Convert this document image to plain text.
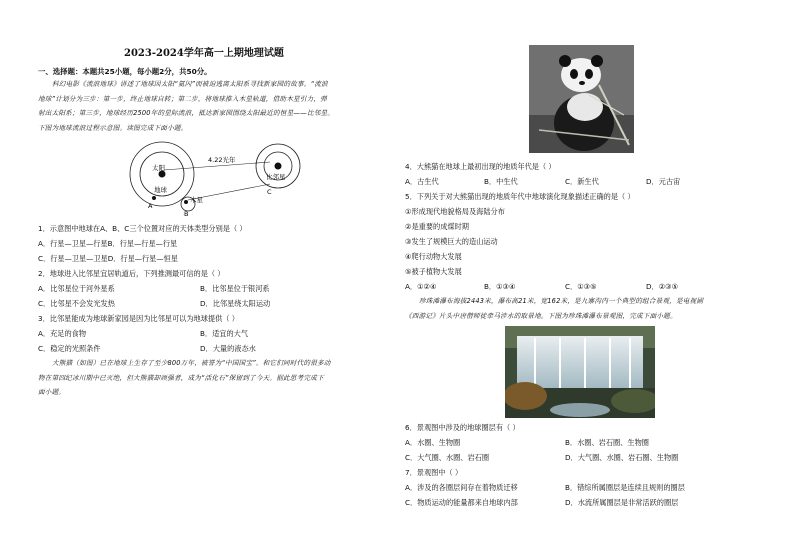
2023-2024学年高一上期地理试题
一、选择题：本题共25小题，每小题2分，共50分。
科幻电影《流浪地球》讲述了地球因太阳“氦闪”而被迫逃离太阳系寻找新家园的故事。“流浪
地球”计划分为三步：第一步，终止地球自转；第二步，将地球推入木星轨道，借助木星引力，弹
射出太阳系；第三步，地球经历2500年的星际流浪，抵达新家园围绕太阳最近的恒星——比邻星。
下图为地球流浪过程示意图。读图完成下面小题。
太阳
地球
木星
比邻星
4.22光年
A
B
C
1．示意图中地球在A、B、C三个位置对应的天体类型分别是（ ）
A．行星—卫星—行星B．行星—行星—行星
C．行星—卫星—卫星D．行星—行星—恒星
2．地球进入比邻星宜居轨道后，下列推测最可信的是（ ）
A．比邻星位于河外星系	B．比邻星位于银河系
C．比邻星不会发光发热	D．比邻星绕太阳运动
3．比邻星能成为地球新家园是因为比邻星可以为地球提供（ ）
A．充足的食物	B．适宜的大气
C．稳定的光照条件	D．大量的液态水
大熊猫（如图）已在地球上生存了至少800万年，被誉为“中国国宝”。和它们同时代的很多动
物在第四纪冰川期中已灭绝，但大熊猫却顽强者，成为“活化石”保留到了今天。据此思考完成下
面小题。
4．大熊猫在地球上最初出现的地质年代是（ ）
A．古生代	B．中生代	C．新生代	D．元古宙
5．下列关于对大熊猫出现的地质年代中地球演化现象描述正确的是（ ）
①形成现代地貌格局及海陆分布
②是重要的成煤时期
③发生了规模巨大的造山运动
④爬行动物大发展
⑤被子植物大发展
A．①②④	B．①③④	C．①③⑤	D．②③⑤
珍珠滩瀑布海拔2443米，瀑布高21米，宽162米，是九寨沟内一个典型的组合景观，是电视剧
《西游记》片头中唐僧师徒牵马涉水的取景地。下图为珍珠滩瀑布景观图，完成下面小题。
6．景观图中涉及的地球圈层有（ ）
A．水圈、生物圈	B．水圈、岩石圈、生物圈
C．大气圈、水圈、岩石圈	D．大气圈、水圈、岩石圈、生物圈
7．景观图中（ ）
A．涉及的各圈层间存在着物质迁移	B．错综所属圈层是连续且规则的圈层
C．物质运动的能量都来自地球内部	D．水流所属圈层是非常活跃的圈层
